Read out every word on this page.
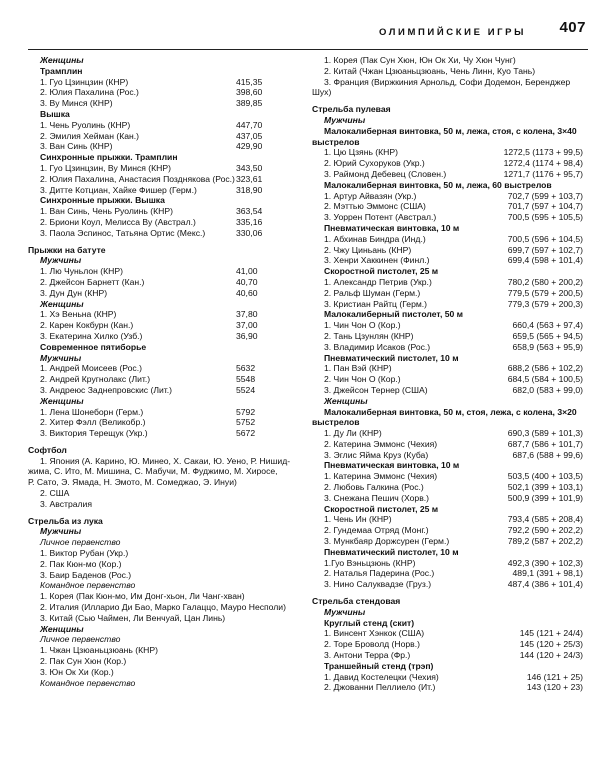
ОЛИМПИЙСКИЕ ИГРЫ 407
Женщины
Трамплин
1. Гуо Цзинцзин (КНР)	415,35
2. Юлия Пахалина (Рос.)	398,60
3. Ву Минся (КНР)	389,85
Вышка
1. Чень Руолинь (КНР)	447,70
2. Эмилия Хейман (Кан.)	437,05
3. Ван Синь (КНР)	429,90
Синхронные прыжки. Трамплин
1. Гуо Цзинцзин, Ву Минся (КНР)	343,50
2. Юлия Пахалина, Анастасия Позднякова (Рос.) 323,61
3. Дитте Котциан, Хайке Фишер (Герм.)	318,90
Синхронные прыжки. Вышка
1. Ван Синь, Чень Руолинь (КНР)	363,54
2. Бриони Коул, Мелисса Ву (Австрал.)	335,16
3. Паола Эспинос, Татьяна Ортис (Мекс.)	330,06
Прыжки на батуте
Мужчины
1. Лю Чуньлон (КНР)	41,00
2. Джейсон Барнетт (Кан.)	40,70
3. Дун Дун (КНР)	40,60
Женщины
1. Хэ Веньна (КНР)	37,80
2. Карен Кокбурн (Кан.)	37,00
3. Екатерина Хилко (Узб.)	36,90
Современное пятиборье
Мужчины
1. Андрей Моисеев (Рос.)	5632
2. Андрей Кругнолакс (Лит.)	5548
3. Андреюс Заднепровскис (Лит.)	5524
Женщины
1. Лена Шонеборн (Герм.)	5792
2. Хитер Фэлл (Великобр.)	5752
3. Виктория Терещук (Укр.)	5672
Софтбол
1. Япония (А. Карино, Ю. Минео, Х. Сакаи, Ю. Уено, Р. Нишид-
жима, С. Ито, М. Мишина, С. Мабучи, М. Фуджимо, М. Хиросе,
Р. Сато, Э. Ямада, Н. Эмото, М. Сомеджао, Э. Инуи)
2. США
3. Австралия
Стрельба из лука
Мужчины
Личное первенство
1. Виктор Рубан (Укр.)
2. Пак Кюн-мо (Кор.)
3. Баир Баденов (Рос.)
Командное первенство
1. Корея (Пак Кюн-мо, Им Донг-хьон, Ли Чанг-хван)
2. Италия (Илларио Ди Бао, Марко Галаццо, Мауро Несполи)
3. Китай (Сью Чаймен, Ли Венчуай, Цан Линь)
Женщины
Личное первенство
1. Чжан Цзюаньцзюань (КНР)
2. Пак Сун Хюн (Кор.)
3. Юн Ок Хи (Кор.)
Командное первенство
1. Корея (Пак Сун Хюн, Юн Ок Хи, Чу Хюн Чунг)
2. Китай (Чжан Цзюаньцзюань, Чень Линн, Куо Тань)
3. Франция (Виржкиния Арнольд, Софи Додемон, Беренджер
Шух)
Стрельба пулевая
Мужчины
Малокалиберная винтовка, 50 м, лежа, стоя, с колена, 3×40
выстрелов
1. Цю Цзянь (КНР)	1272,5 (1173 + 99,5)
2. Юрий Сухоруков (Укр.)	1272,4 (1174 + 98,4)
3. Раймонд Дебевец (Словен.)	1271,7 (1176 + 95,7)
Малокалиберная винтовка, 50 м, лежа, 60 выстрелов
1. Артур Айвазян (Укр.)	702,7 (599 + 103,7)
2. Мэттью Эммонс (США)	701,7 (597 + 104,7)
3. Уоррен Потент (Австрал.)	700,5 (595 + 105,5)
Пневматическая винтовка, 10 м
1. Абхинав Биндра (Инд.)	700,5 (596 + 104,5)
2. Чжу Циньань (КНР)	699,7 (597 + 102,7)
3. Хенри Хаккинен (Финл.)	699,4 (598 + 101,4)
Скоростной пистолет, 25 м
1. Александр Петрив (Укр.)	780,2 (580 + 200,2)
2. Ральф Шуман (Герм.)	779,5 (579 + 200,5)
3. Кристиан Райтц (Герм.)	779,3 (579 + 200,3)
Малокалиберный пистолет, 50 м
1. Чин Чон О (Кор.)	660,4 (563 + 97,4)
2. Тань Цзунлян (КНР)	659,5 (565 + 94,5)
3. Владимир Исаков (Рос.)	658,9 (563 + 95,9)
Пневматический пистолет, 10 м
1. Пан Вэй (КНР)	688,2 (586 + 102,2)
2. Чин Чон О (Кор.)	684,5 (584 + 100,5)
3. Джейсон Тернер (США)	682,0 (583 + 99,0)
Женщины
Малокалиберная винтовка, 50 м, стоя, лежа, с колена, 3×20
выстрелов
1. Ду Ли (КНР)	690,3 (589 + 101,3)
2. Катерина Эммонс (Чехия)	687,7 (586 + 101,7)
3. Эглис Яйма Круз (Куба)	687,6 (588 + 99,6)
Пневматическая винтовка, 10 м
1. Катерина Эммонс (Чехия)	503,5 (400 + 103,5)
2. Любовь Галкина (Рос.)	502,1 (399 + 103,1)
3. Снежана Пешич (Хорв.)	500,9 (399 + 101,9)
Скоростной пистолет, 25 м
1. Чень Ин (КНР)	793,4 (585 + 208,4)
2. Гундемаа Отряд (Монг.)	792,2 (590 + 202,2)
3. Мункбаяр Доржсурен (Герм.)	789,2 (587 + 202,2)
Пневматический пистолет, 10 м
1.Гуо Вэньцзюнь (КНР)	492,3 (390 + 102,3)
2. Наталья Падерина (Рос.)	489,1 (391 + 98,1)
3. Нино Салуквадзе (Груз.)	487,4 (386 + 101,4)
Стрельба стендовая
Мужчины
Круглый стенд (скит)
1. Винсент Хэнкок (США)	145 (121 + 24/4)
2. Торе Броволд (Норв.)	145 (120 + 25/3)
3. Антони Терра (Фр.)	144 (120 + 24/3)
Траншейный стенд (трэп)
1. Давид Костелецки (Чехия)	146 (121 + 25)
2. Джованни Пеллиело (Ит.)	143 (120 + 23)
